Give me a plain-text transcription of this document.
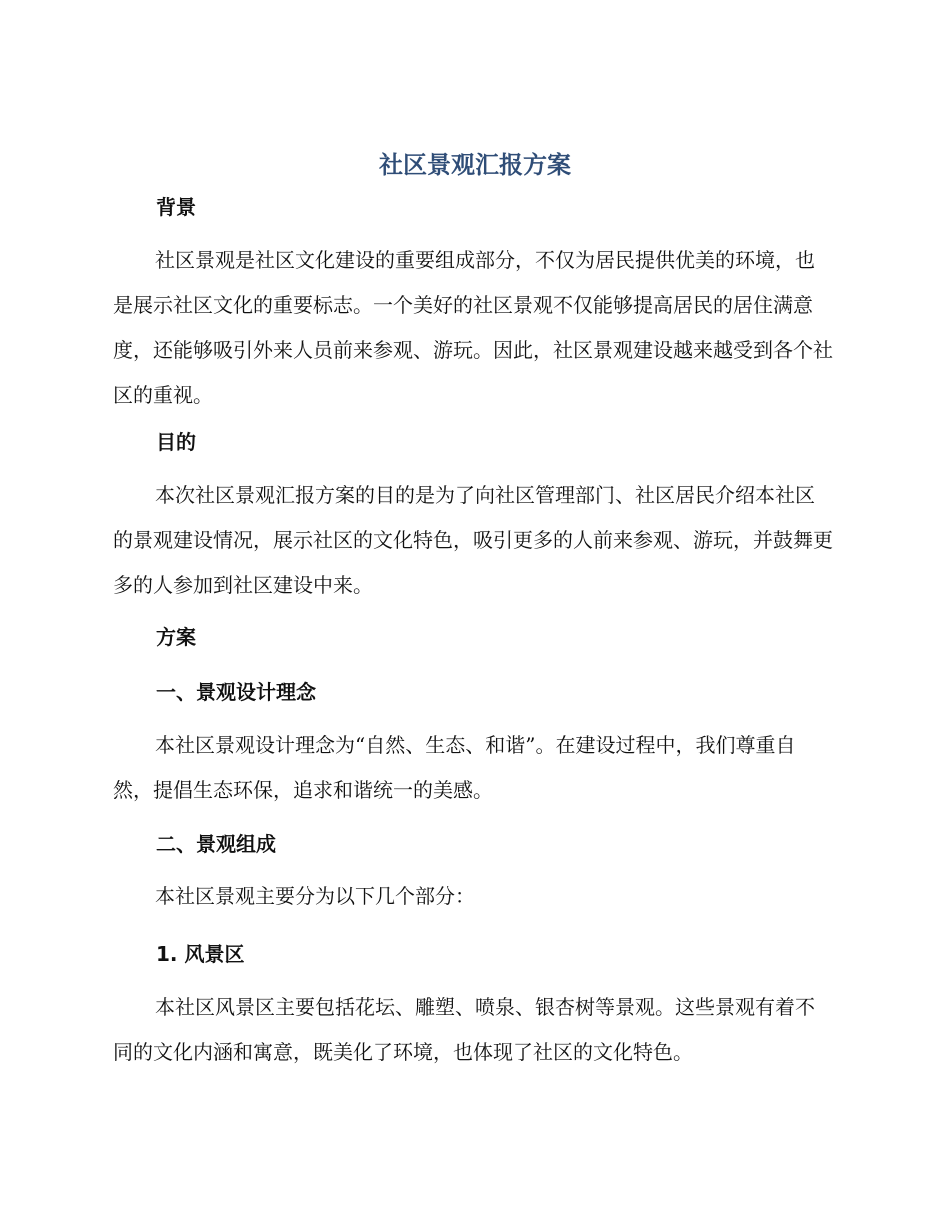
社区景观汇报方案
背景

社区景观是社区文化建设的重要组成部分，不仅为居民提供优美的环境，也是展示社区文化的重要标志。一个美好的社区景观不仅能够提高居民的居住满意度，还能够吸引外来人员前来参观、游玩。因此，社区景观建设越来越受到各个社区的重视。

目的

本次社区景观汇报方案的目的是为了向社区管理部门、社区居民介绍本社区的景观建设情况，展示社区的文化特色，吸引更多的人前来参观、游玩，并鼓舞更多的人参加到社区建设中来。

方案
一、景观设计理念

本社区景观设计理念为“自然、生态、和谐”。在建设过程中，我们尊重自然，提倡生态环保，追求和谐统一的美感。

二、景观组成

本社区景观主要分为以下几个部分：

1. 风景区

本社区风景区主要包括花坛、雕塑、喷泉、银杏树等景观。这些景观有着不同的文化内涵和寓意，既美化了环境，也体现了社区的文化特色。
